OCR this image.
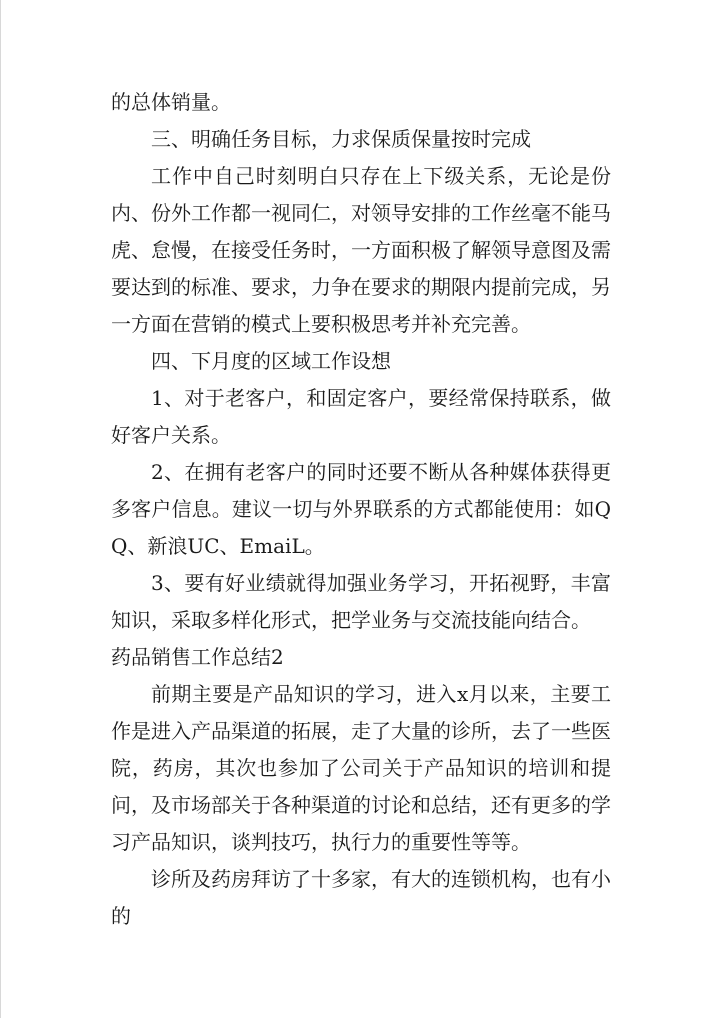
的总体销量。

三、明确任务目标，力求保质保量按时完成

工作中自己时刻明白只存在上下级关系，无论是份内、份外工作都一视同仁，对领导安排的工作丝毫不能马虎、怠慢，在接受任务时，一方面积极了解领导意图及需要达到的标准、要求，力争在要求的期限内提前完成，另一方面在营销的模式上要积极思考并补充完善。

四、下月度的区域工作设想

1、对于老客户，和固定客户，要经常保持联系，做好客户关系。

2、在拥有老客户的同时还要不断从各种媒体获得更多客户信息。建议一切与外界联系的方式都能使用：如QQ、新浪UC、EmaiL。

3、要有好业绩就得加强业务学习，开拓视野，丰富知识，采取多样化形式，把学业务与交流技能向结合。

药品销售工作总结2

前期主要是产品知识的学习，进入x月以来，主要工作是进入产品渠道的拓展，走了大量的诊所，去了一些医院，药房，其次也参加了公司关于产品知识的培训和提问，及市场部关于各种渠道的讨论和总结，还有更多的学习产品知识，谈判技巧，执行力的重要性等等。

诊所及药房拜访了十多家，有大的连锁机构，也有小的
